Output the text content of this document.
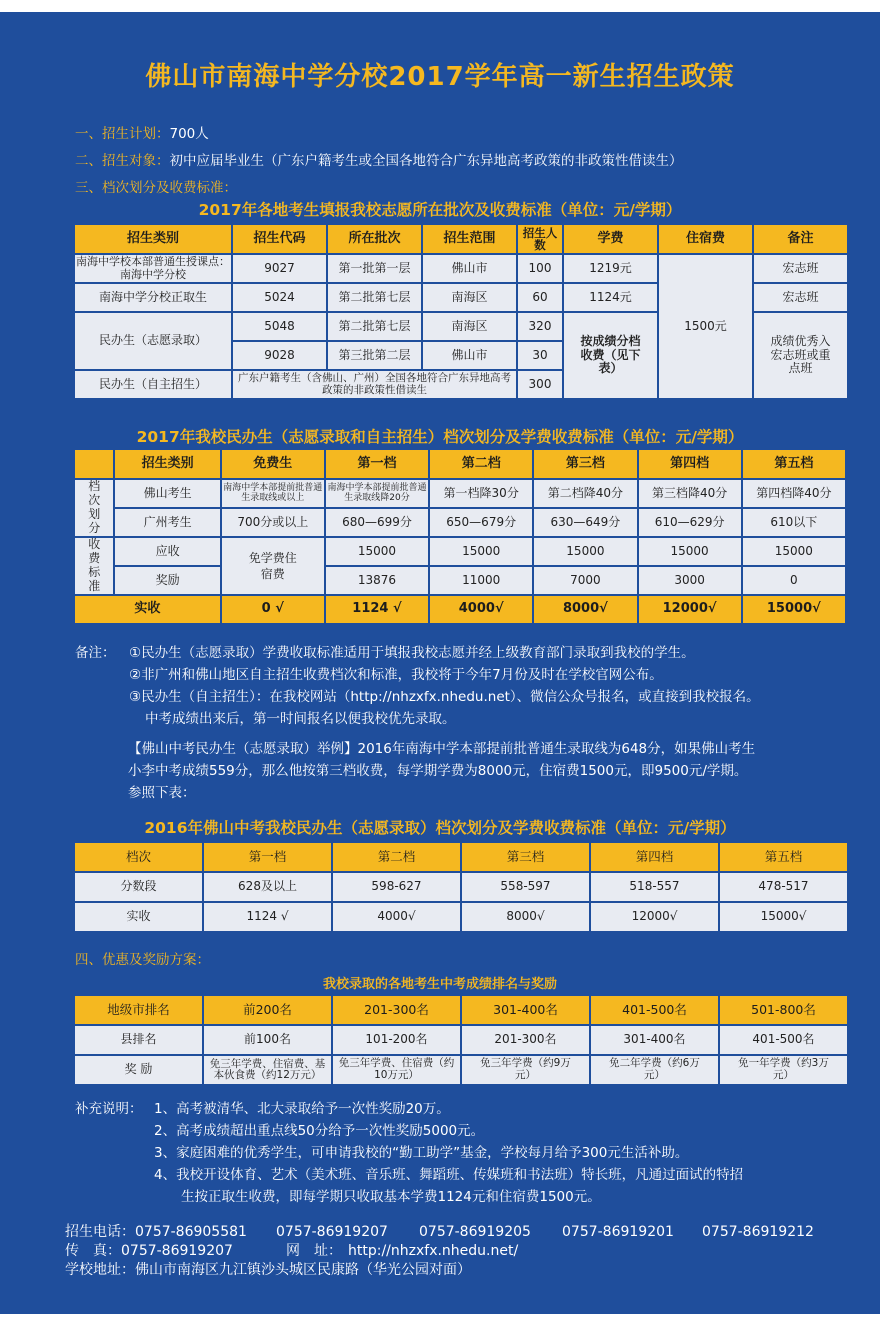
佛山市南海中学分校2017学年高一新生招生政策
一、招生计划：700人
二、招生对象：初中应届毕业生（广东户籍考生或全国各地符合广东异地高考政策的非政策性借读生）
三、档次划分及收费标准：
2017年各地考生填报我校志愿所在批次及收费标准（单位：元/学期）
招生类别	招生代码	所在批次	招生范围	招生人数	学费	住宿费	备注
南海中学校本部普通生授课点：南海中学分校	9027	第一批第一层	佛山市	100	1219元	1500元	宏志班
南海中学分校正取生	5024	第二批第七层	南海区	60	1124元		宏志班
民办生（志愿录取）	5048	第二批第七层	南海区	320	按成绩分档收费（见下表）		成绩优秀入宏志班或重点班
	9028	第三批第二层	佛山市	30			
民办生（自主招生）	广东户籍考生（含佛山、广州）全国各地符合广东异地高考政策的非政策性借读生			300			
2017年我校民办生（志愿录取和自主招生）档次划分及学费收费标准（单位：元/学期）
	招生类别	免费生	第一档	第二档	第三档	第四档	第五档
档次划分	佛山考生	南海中学本部提前批普通生录取线或以上	南海中学本部提前批普通生录取线降20分	第一档降30分	第二档降40分	第三档降40分	第四档降40分
	广州考生	700分或以上	680—699分	650—679分	630—649分	610—629分	610以下
收费标准	应收	免学费住宿费	15000	15000	15000	15000	15000
	奖励		13876	11000	7000	3000	0
实收		0 √	1124 √	4000√	8000√	12000√	15000√
备注： ①民办生（志愿录取）学费收取标准适用于填报我校志愿并经上级教育部门录取到我校的学生。
②非广州和佛山地区自主招生收费档次和标准，我校将于今年7月份及时在学校官网公布。
③民办生（自主招生）：在我校网站（http://nhzxfx.nhedu.net）、微信公众号报名，或直接到我校报名。
中考成绩出来后，第一时间报名以便我校优先录取。
【佛山中考民办生（志愿录取）举例】2016年南海中学本部提前批普通生录取线为648分，如果佛山考生
小李中考成绩559分，那么他按第三档收费，每学期学费为8000元，住宿费1500元，即9500元/学期。
参照下表：
2016年佛山中考我校民办生（志愿录取）档次划分及学费收费标准（单位：元/学期）
档次	第一档	第二档	第三档	第四档	第五档
分数段	628及以上	598-627	558-597	518-557	478-517
实收	1124 √	4000√	8000√	12000√	15000√
四、优惠及奖励方案：
我校录取的各地考生中考成绩排名与奖励
地级市排名	前200名	201-300名	301-400名	401-500名	501-800名
县排名	前100名	101-200名	201-300名	301-400名	401-500名
奖 励	免三年学费、住宿费、基本伙食费（约12万元）	免三年学费、住宿费（约10万元）	免三年学费（约9万元）	免二年学费（约6万元）	免一年学费（约3万元）
补充说明： 1、高考被清华、北大录取给予一次性奖励20万。
2、高考成绩超出重点线50分给予一次性奖励5000元。
3、家庭困难的优秀学生，可申请我校的“勤工助学”基金，学校每月给予300元生活补助。
4、我校开设体育、艺术（美术班、音乐班、舞蹈班、传媒班和书法班）特长班，凡通过面试的特招
生按正取生收费，即每学期只收取基本学费1124元和住宿费1500元。
招生电话：0757-86905581 0757-86919207 0757-86919205 0757-86919201 0757-86919212
传　真：0757-86919207	网　址： http://nhzxfx.nhedu.net/
学校地址：佛山市南海区九江镇沙头城区民康路（华光公园对面）
